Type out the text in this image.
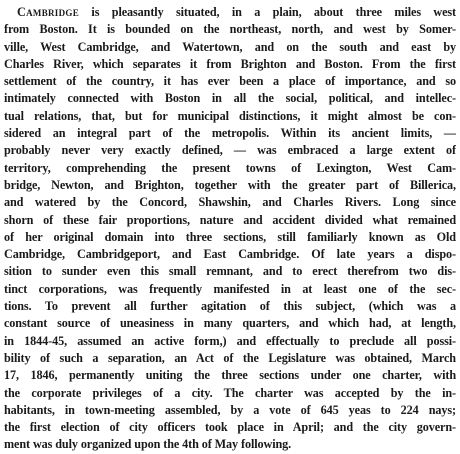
Cambridge is pleasantly situated, in a plain, about three miles west
from Boston. It is bounded on the northeast, north, and west by Somer-
ville, West Cambridge, and Watertown, and on the south and east by
Charles River, which separates it from Brighton and Boston. From the first
settlement of the country, it has ever been a place of importance, and so
intimately connected with Boston in all the social, political, and intellec-
tual relations, that, but for municipal distinctions, it might almost be con-
sidered an integral part of the metropolis. Within its ancient limits, —
probably never very exactly defined, — was embraced a large extent of
territory, comprehending the present towns of Lexington, West Cam-
bridge, Newton, and Brighton, together with the greater part of Billerica,
and watered by the Concord, Shawshin, and Charles Rivers. Long since
shorn of these fair proportions, nature and accident divided what remained
of her original domain into three sections, still familiarly known as Old
Cambridge, Cambridgeport, and East Cambridge. Of late years a dispo-
sition to sunder even this small remnant, and to erect therefrom two dis-
tinct corporations, was frequently manifested in at least one of the sec-
tions. To prevent all further agitation of this subject, (which was a
constant source of uneasiness in many quarters, and which had, at length,
in 1844-45, assumed an active form,) and effectually to preclude all possi-
bility of such a separation, an Act of the Legislature was obtained, March
17, 1846, permanently uniting the three sections under one charter, with
the corporate privileges of a city. The charter was accepted by the in-
habitants, in town-meeting assembled, by a vote of 645 yeas to 224 nays;
the first election of city officers took place in April; and the city govern-
ment was duly organized upon the 4th of May following.
